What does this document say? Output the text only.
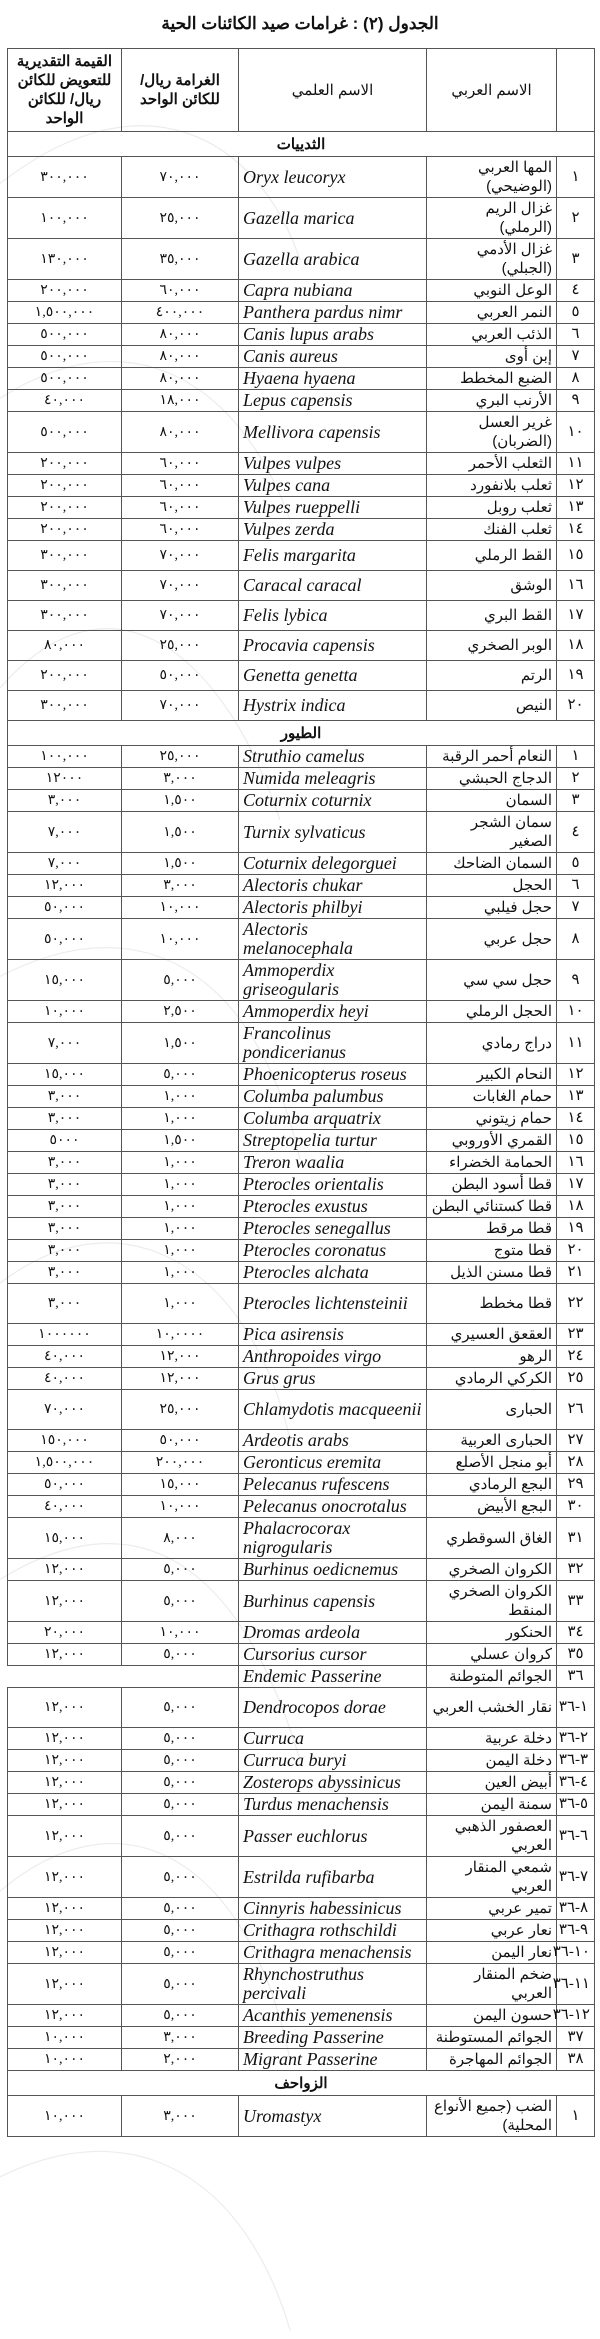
الجدول (٢) : غرامات صيد الكائنات الحية
	الاسم العربي	الاسم العلمي	الغرامة ريال/ للكائن الواحد	القيمة التقديرية للتعويض للكائن ريال/ للكائن الواحد
الثدييات				
١	المها العربي (الوضيحي)	Oryx leucoryx	٧٠,٠٠٠	٣٠٠,٠٠٠
٢	غزال الريم (الرملي)	Gazella marica	٢٥,٠٠٠	١٠٠,٠٠٠
٣	غزال الأدمي (الجبلي)	Gazella arabica	٣٥,٠٠٠	١٣٠,٠٠٠
٤	الوعل النوبي	Capra nubiana	٦٠,٠٠٠	٢٠٠,٠٠٠
٥	النمر العربي	Panthera pardus nimr	٤٠٠,٠٠٠	١,٥٠٠,٠٠٠
٦	الذئب العربي	Canis lupus arabs	٨٠,٠٠٠	٥٠٠,٠٠٠
٧	إبن أوى	Canis aureus	٨٠,٠٠٠	٥٠٠,٠٠٠
٨	الضبع المخطط	Hyaena hyaena	٨٠,٠٠٠	٥٠٠,٠٠٠
٩	الأرنب البري	Lepus capensis	١٨,٠٠٠	٤٠,٠٠٠
١٠	غرير العسل (الضربان)	Mellivora capensis	٨٠,٠٠٠	٥٠٠,٠٠٠
١١	الثعلب الأحمر	Vulpes vulpes	٦٠,٠٠٠	٢٠٠,٠٠٠
١٢	ثعلب بلانفورد	Vulpes cana	٦٠,٠٠٠	٢٠٠,٠٠٠
١٣	ثعلب روبل	Vulpes rueppelli	٦٠,٠٠٠	٢٠٠,٠٠٠
١٤	ثعلب الفنك	Vulpes zerda	٦٠,٠٠٠	٢٠٠,٠٠٠
١٥	القط الرملي	Felis margarita	٧٠,٠٠٠	٣٠٠,٠٠٠
١٦	الوشق	Caracal caracal	٧٠,٠٠٠	٣٠٠,٠٠٠
١٧	القط البري	Felis lybica	٧٠,٠٠٠	٣٠٠,٠٠٠
١٨	الوبر الصخري	Procavia capensis	٢٥,٠٠٠	٨٠,٠٠٠
١٩	الرتم	Genetta genetta	٥٠,٠٠٠	٢٠٠,٠٠٠
٢٠	النيص	Hystrix indica	٧٠,٠٠٠	٣٠٠,٠٠٠
الطيور				
١	النعام أحمر الرقبة	Struthio camelus	٢٥,٠٠٠	١٠٠,٠٠٠
٢	الدجاج الحبشي	Numida meleagris	٣,٠٠٠	١٢٠٠٠
٣	السمان	Coturnix coturnix	١,٥٠٠	٣,٠٠٠
٤	سمان الشجر الصغير	Turnix sylvaticus	١,٥٠٠	٧,٠٠٠
٥	السمان الضاحك	Coturnix delegorguei	١,٥٠٠	٧,٠٠٠
٦	الحجل	Alectoris chukar	٣,٠٠٠	١٢,٠٠٠
٧	حجل فيلبي	Alectoris philbyi	١٠,٠٠٠	٥٠,٠٠٠
٨	حجل عربي	Alectoris melanocephala	١٠,٠٠٠	٥٠,٠٠٠
٩	حجل سي سي	Ammoperdix griseogularis	٥,٠٠٠	١٥,٠٠٠
١٠	الحجل الرملي	Ammoperdix heyi	٢,٥٠٠	١٠,٠٠٠
١١	دراج رمادي	Francolinus pondicerianus	١,٥٠٠	٧,٠٠٠
١٢	النحام الكبير	Phoenicopterus roseus	٥,٠٠٠	١٥,٠٠٠
١٣	حمام الغابات	Columba palumbus	١,٠٠٠	٣,٠٠٠
١٤	حمام زيتوني	Columba arquatrix	١,٠٠٠	٣,٠٠٠
١٥	القمري الأوروبي	Streptopelia turtur	١,٥٠٠	٥٠٠٠
١٦	الحمامة الخضراء	Treron waalia	١,٠٠٠	٣,٠٠٠
١٧	قطا أسود البطن	Pterocles orientalis	١,٠٠٠	٣,٠٠٠
١٨	قطا كستنائي البطن	Pterocles exustus	١,٠٠٠	٣,٠٠٠
١٩	قطا مرقط	Pterocles senegallus	١,٠٠٠	٣,٠٠٠
٢٠	قطا متوج	Pterocles coronatus	١,٠٠٠	٣,٠٠٠
٢١	قطا مسنن الذيل	Pterocles alchata	١,٠٠٠	٣,٠٠٠
٢٢	قطا مخطط	Pterocles lichtensteinii	١,٠٠٠	٣,٠٠٠
٢٣	العقعق العسيري	Pica asirensis	١٠,٠٠٠٠	١٠٠٠٠٠٠
٢٤	الرهو	Anthropoides virgo	١٢,٠٠٠	٤٠,٠٠٠
٢٥	الكركي الرمادي	Grus grus	١٢,٠٠٠	٤٠,٠٠٠
٢٦	الحبارى	Chlamydotis macqueenii	٢٥,٠٠٠	٧٠,٠٠٠
٢٧	الحبارى العربية	Ardeotis arabs	٥٠,٠٠٠	١٥٠,٠٠٠
٢٨	أبو منجل الأصلع	Geronticus eremita	٢٠٠,٠٠٠	١,٥٠٠,٠٠٠
٢٩	البجع الرمادي	Pelecanus rufescens	١٥,٠٠٠	٥٠,٠٠٠
٣٠	البجع الأبيض	Pelecanus onocrotalus	١٠,٠٠٠	٤٠,٠٠٠
٣١	الغاق السوقطري	Phalacrocorax nigrogularis	٨,٠٠٠	١٥,٠٠٠
٣٢	الكروان الصخري	Burhinus oedicnemus	٥,٠٠٠	١٢,٠٠٠
٣٣	الكروان الصخري المنقط	Burhinus capensis	٥,٠٠٠	١٢,٠٠٠
٣٤	الحنكور	Dromas ardeola	١٠,٠٠٠	٢٠,٠٠٠
٣٥	كروان عسلي	Cursorius cursor	٥,٠٠٠	١٢,٠٠٠
٣٦	الجوائم المتوطنة	Endemic Passerine		
١-٣٦	نقار الخشب العربي	Dendrocopos dorae	٥,٠٠٠	١٢,٠٠٠
٢-٣٦	دخلة عربية	Curruca	٥,٠٠٠	١٢,٠٠٠
٣-٣٦	دخلة اليمن	Curruca buryi	٥,٠٠٠	١٢,٠٠٠
٤-٣٦	أبيض العين	Zosterops abyssinicus	٥,٠٠٠	١٢,٠٠٠
٥-٣٦	سمنة اليمن	Turdus menachensis	٥,٠٠٠	١٢,٠٠٠
٦-٣٦	العصفور الذهبي العربي	Passer euchlorus	٥,٠٠٠	١٢,٠٠٠
٧-٣٦	شمعي المنقار العربي	Estrilda rufibarba	٥,٠٠٠	١٢,٠٠٠
٨-٣٦	تمير عربي	Cinnyris habessinicus	٥,٠٠٠	١٢,٠٠٠
٩-٣٦	نعار عربي	Crithagra rothschildi	٥,٠٠٠	١٢,٠٠٠
١٠-٣٦	نعار اليمن	Crithagra menachensis	٥,٠٠٠	١٢,٠٠٠
١١-٣٦	ضخم المنقار العربي	Rhynchostruthus percivali	٥,٠٠٠	١٢,٠٠٠
١٢-٣٦	حسون اليمن	Acanthis yemenensis	٥,٠٠٠	١٢,٠٠٠
٣٧	الجوائم المستوطنة	Breeding Passerine	٣,٠٠٠	١٠,٠٠٠
٣٨	الجوائم المهاجرة	Migrant Passerine	٢,٠٠٠	١٠,٠٠٠
الزواحف				
١	الضب (جميع الأنواع المحلية)	Uromastyx	٣,٠٠٠	١٠,٠٠٠
